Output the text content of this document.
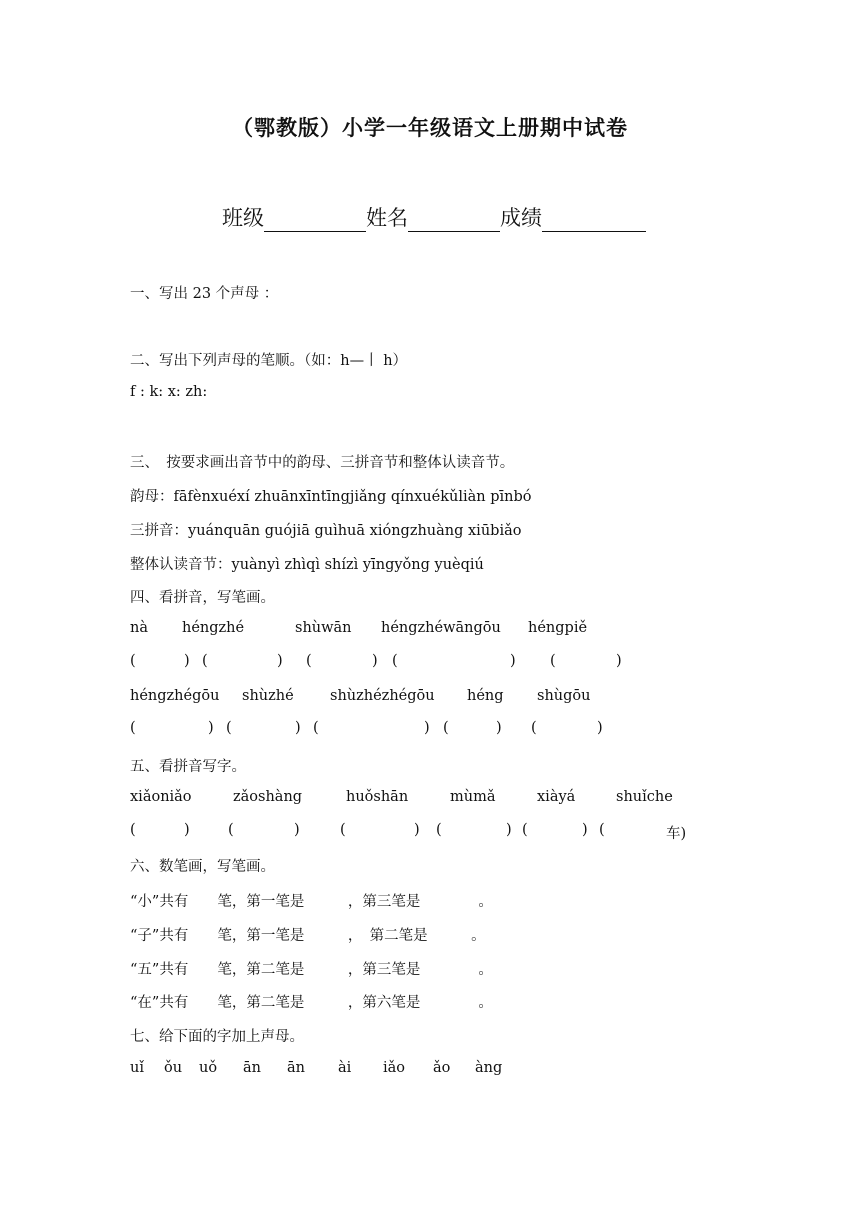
（鄂教版）小学一年级语文上册期中试卷
班级	姓名	成绩
一、写出 23 个声母 ：
二、写出下列声母的笔顺。（如：h—丨 h）
f : k: x: zh:
三、　按要求画出音节中的韵母、三拼音节和整体认读音节。
韵母：fāfènxuéxí zhuānxīntīngjiǎng qínxuékǔliàn pīnbó
三拼音：yuánquān guójiā guìhuā xióngzhuàng xiūbiǎo
整体认读音节：yuànyì zhìqì shízì yīngyǒng yuèqiú
四、看拼音，写笔画。
nà héngzhé	shùwān héngzhéwāngōu héngpiě
(	) (	) (	) (	) (	)
héngzhégōu shùzhé	shùzhézhégōu héng shùgōu
(	) (	) (	) (	) (	)
五、看拼音写字。
xiǎoniǎo	zǎoshàng	huǒshān	mùmǎ	xiàyá	shuǐche
(	)	(	)	(	) (	) (	) (	车)
六、数笔画，写笔画。
“小”共有　　笔，第一笔是　　　，第三笔是　　　　。
“子”共有　　笔，第一笔是　　　，　第二笔是　　　。
“五”共有　　笔，第二笔是　　　，第三笔是　　　　。
“在”共有　　笔，第二笔是　　　，第六笔是　　　　。
七、给下面的字加上声母。
uǐ ǒu uǒ ān ān ài iǎo ǎo àng
